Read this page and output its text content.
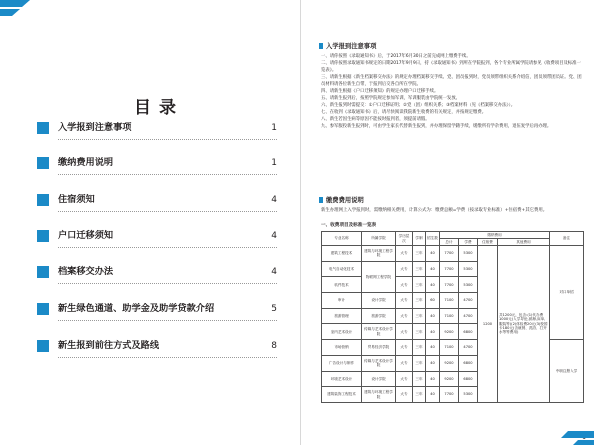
目录
入学报到注意事项	1
缴纳费用说明	1
住宿须知	4
户口迁移须知	4
档案移交办法	4
新生绿色通道、助学金及助学贷款介绍	5
新生报到前往方式及路线	8
入学报到注意事项

一、请你按照《录取通知书》后，于2017年6月30日之前完成网上缴费手续。

二、请你按照录取通知书规定的日期2017年9月9日，持《录取通知书》到所在学院报到，各个专业所属学院请参见《收费项目及标准一览表》。

三、请新生根据《新生档案移交办法》的规定办理档案移交手续。党、团员报到时，党员须带组织关系介绍信，团员须带团员证。党、团员材料请各位新生自带，于报到后交各自所在学院。

四、请新生根据《户口迁移须知》的规定办理户口迁移手续。

五、请新生报到后，按照学院规定参加军训，军训服装由学院统一发放。

六、新生报到时需提交：①户口迁移证明；②党（团）组织关系；③档案材料（见《档案移交办法》）。

七、在收到《录取通知书》后，请尽快阅读我院新生收费的有关规定，并按规定缴费。

八、新生若因生病等原因不能按时报到者，须提前请假。

九、参军服役新生报到时，可由学生家长代替新生报到，并办理保留学籍手续，缓缴所有学杂费用，退伍复学后再办理。

缴费费用说明
新生办理网上入学报到时，需缴纳相关费用，计算公式为：缴费总额=学费（按录取专业标准）+住宿费+其它费用。
一、收费项目及标准一览表
专业名称	所属学院	学历层次	学制	招生数	缴纳费用				备注
					总计	学费	住宿费	其他费用	
建筑工程技术	建筑与环境工程学院	大专	三年	40	7700	5300	1200	共1200元，包含:(1)代办费1000元(入学导论,被褥,床单,服装等)(2)体检费20元(3)校园卡180元(含就餐、洗浴、打开水等等费用)	对口单招
电气自动化技术	物联网工程学院	大专	三年	40	7700	5300			
软件技术		大专	三年	40	7700	5300			
审计	设计学院	大专	三年	60	7100	4700			
旅游管理	旅游学院	大专	三年	40	7100	4700			
室内艺术设计	传媒与艺术设计学院	大专	三年	40	9200	6800			
市场营销	贸易经济学院	大专	三年	40	7100	4700			中职注册入学
广告设计与制作	传媒与艺术设计学院	大专	三年	40	9200	6800			
环境艺术设计	设计学院	大专	三年	40	9200	6800			
建筑装饰工程技术	建筑与环境工程学院	大专	三年	40	7700	5300			
